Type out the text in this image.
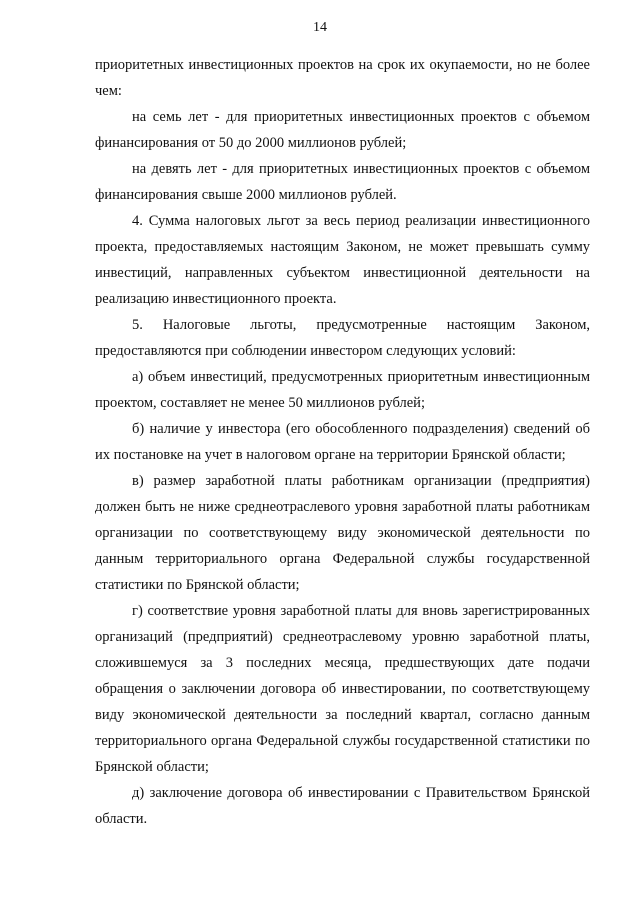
14

приоритетных инвестиционных проектов на срок их окупаемости, но не более чем:

на семь лет - для приоритетных инвестиционных проектов с объемом финансирования от 50 до 2000 миллионов рублей;

на девять лет - для приоритетных инвестиционных проектов с объемом финансирования свыше 2000 миллионов рублей.

4. Сумма налоговых льгот за весь период реализации инвестиционного проекта, предоставляемых настоящим Законом, не может превышать сумму инвестиций, направленных субъектом инвестиционной деятельности на реализацию инвестиционного проекта.

5. Налоговые льготы, предусмотренные настоящим Законом, предоставляются при соблюдении инвестором следующих условий:

а) объем инвестиций, предусмотренных приоритетным инвестиционным проектом, составляет не менее 50 миллионов рублей;

б) наличие у инвестора (его обособленного подразделения) сведений об их постановке на учет в налоговом органе на территории Брянской области;

в) размер заработной платы работникам организации (предприятия) должен быть не ниже среднеотраслевого уровня заработной платы работникам организации по соответствующему виду экономической деятельности по данным территориального органа Федеральной службы государственной статистики по Брянской области;

г) соответствие уровня заработной платы для вновь зарегистрированных организаций (предприятий) среднеотраслевому уровню заработной платы, сложившемуся за 3 последних месяца, предшествующих дате подачи обращения о заключении договора об инвестировании, по соответствующему виду экономической деятельности за последний квартал, согласно данным территориального органа Федеральной службы государственной статистики по Брянской области;

д) заключение договора об инвестировании с Правительством Брянской области.
